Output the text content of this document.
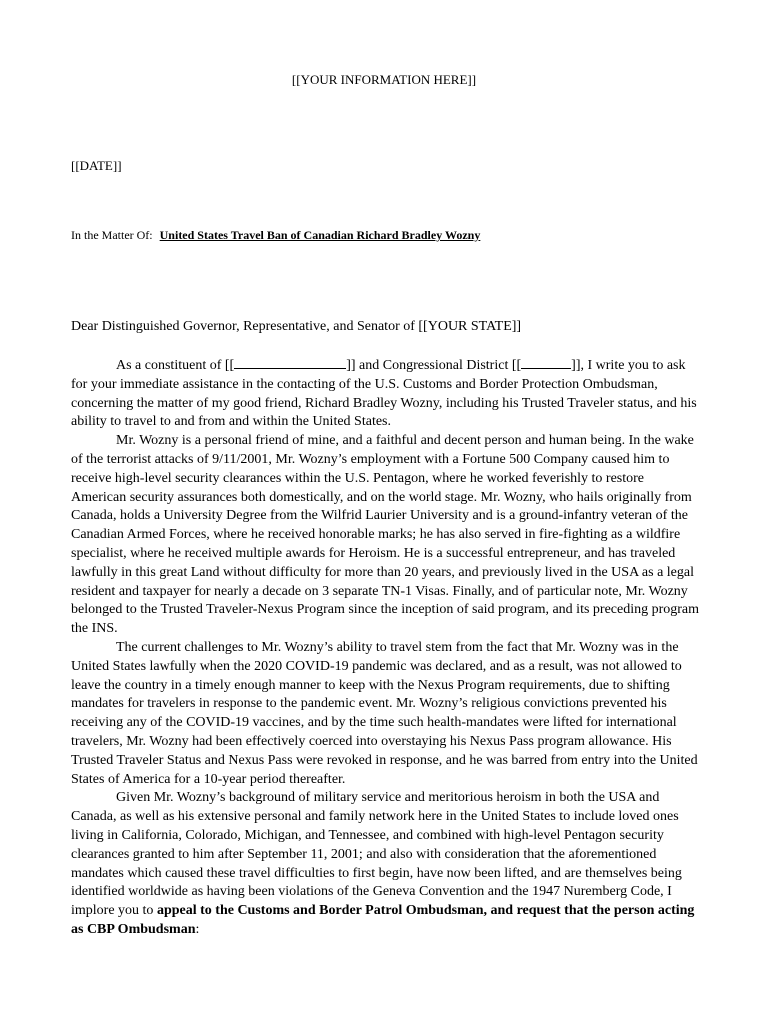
[[YOUR INFORMATION HERE]]
[[DATE]]
In the Matter Of: United States Travel Ban of Canadian Richard Bradley Wozny
Dear Distinguished Governor, Representative, and Senator of [[YOUR STATE]]

As a constituent of [[	]] and Congressional District [[	]], I write you to ask for your immediate assistance in the contacting of the U.S. Customs and Border Protection Ombudsman, concerning the matter of my good friend, Richard Bradley Wozny, including his Trusted Traveler status, and his ability to travel to and from and within the United States.

Mr. Wozny is a personal friend of mine, and a faithful and decent person and human being. In the wake of the terrorist attacks of 9/11/2001, Mr. Wozny’s employment with a Fortune 500 Company caused him to receive high-level security clearances within the U.S. Pentagon, where he worked feverishly to restore American security assurances both domestically, and on the world stage. Mr. Wozny, who hails originally from Canada, holds a University Degree from the Wilfrid Laurier University and is a ground-infantry veteran of the Canadian Armed Forces, where he received honorable marks; he has also served in fire-fighting as a wildfire specialist, where he received multiple awards for Heroism. He is a successful entrepreneur, and has traveled lawfully in this great Land without difficulty for more than 20 years, and previously lived in the USA as a legal resident and taxpayer for nearly a decade on 3 separate TN-1 Visas. Finally, and of particular note, Mr. Wozny belonged to the Trusted Traveler-Nexus Program since the inception of said program, and its preceding program the INS.

The current challenges to Mr. Wozny’s ability to travel stem from the fact that Mr. Wozny was in the United States lawfully when the 2020 COVID-19 pandemic was declared, and as a result, was not allowed to leave the country in a timely enough manner to keep with the Nexus Program requirements, due to shifting mandates for travelers in response to the pandemic event. Mr. Wozny’s religious convictions prevented his receiving any of the COVID-19 vaccines, and by the time such health-mandates were lifted for international travelers, Mr. Wozny had been effectively coerced into overstaying his Nexus Pass program allowance. His Trusted Traveler Status and Nexus Pass were revoked in response, and he was barred from entry into the United States of America for a 10-year period thereafter.

Given Mr. Wozny’s background of military service and meritorious heroism in both the USA and Canada, as well as his extensive personal and family network here in the United States to include loved ones living in California, Colorado, Michigan, and Tennessee, and combined with high-level Pentagon security clearances granted to him after September 11, 2001; and also with consideration that the aforementioned mandates which caused these travel difficulties to first begin, have now been lifted, and are themselves being identified worldwide as having been violations of the Geneva Convention and the 1947 Nuremberg Code, I implore you to appeal to the Customs and Border Patrol Ombudsman, and request that the person acting as CBP Ombudsman:
